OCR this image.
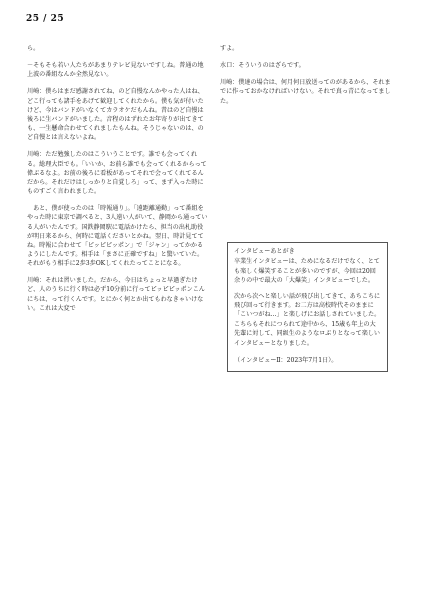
25 / 25

ら。

－そもそも若い人たちがあまりテレビ見ないですしね。普通の地上波の番組なんか全然見ない。

川崎：僕らはまだ感謝されてね、のど自慢なんかやった人はね、どこ行っても諸手をあげて歓迎してくれたから。僕も気が付いたけど、今はバンドがいなくてカラオケだもんね。昔はのど自慢は後ろに生バンドがいました。音程のはずれたお年寄りが出てきても、一生懸命合わせてくれましたもんね。そうじゃないのは、のど自慢とは言えないよね。

川崎：ただ勉強したのはこういうことです。誰でも会ってくれる。総理大臣でも。「いいか、お前ら誰でも会ってくれるからって偉ぶるなよ。お前の後ろに看板があってそれで会ってくれてるんだから。それだけはしっかりと自覚しろ」って、まず入った時にものすごく言われました。

　あと、僕が使ったのは「時報通り」。「遠距離通勤」って番組をやった時に東京で調べると、3人遠い人がいて、静岡から通っている人がいたんです。国鉄静岡駅に電話かけたら、担当の出札助役が明日来るから、何時に電話くださいとかね。翌日、時計見ててね。時報に合わせて「ピッピピッポン」で「ジャン」ってかかるようにしたんです。相手は「まさに正確ですね」と驚いていた。それがもう相手に2歩3歩OKしてくれたってことになる。

川崎：それは習いました。だから、今日はちょっと早過ぎたけど、人のうちに行く時は必ず10分前に行ってピッピピッポンこんにちは、って行くんです。とにかく何とか出てもわなきゃいけない。これは大変で

すよ。

水口：そういうのはざらです。

川崎：僕達の場合は、何月何日放送ってのがあるから、それまでに作っておかなければいけない。それで真っ青になってました。

インタビューあとがき

卒業生インタビューは、ためになるだけでなく、とても楽しく爆笑することが多いのですが、今回は20回余りの中で最大の「大爆笑」インタビューでした。

次から次へと楽しい話が飛び出してきて、あちこちに飛び回って行きます。お二方は高校時代そのままに「こいつがね…」と楽しげにお話しされていました。こちらもそれにつられて途中から、15歳も年上の大先輩に対して、同級生のようなロぶりとなって楽しいインタビューとなりました。

（インタビューⅡ：2023年7月1日）。
